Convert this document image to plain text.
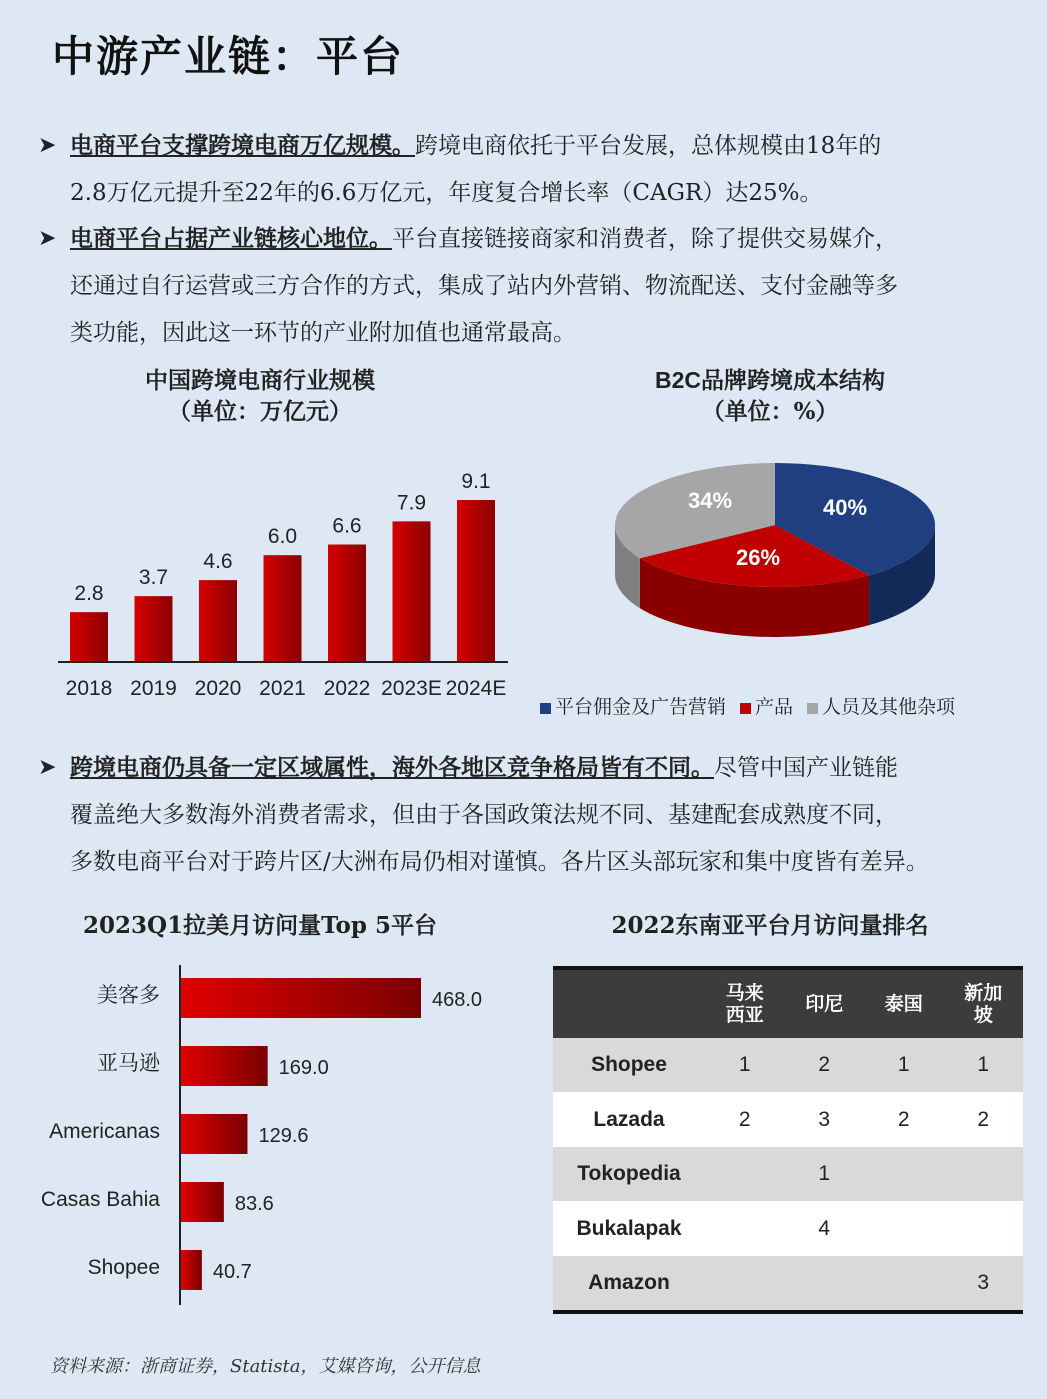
中游产业链：平台
➤ 电商平台支撑跨境电商万亿规模。跨境电商依托于平台发展，总体规模由18年的
2.8万亿元提升至22年的6.6万亿元，年度复合增长率（CAGR）达25%。
➤ 电商平台占据产业链核心地位。平台直接链接商家和消费者，除了提供交易媒介，
还通过自行运营或三方合作的方式，集成了站内外营销、物流配送、支付金融等多
类功能，因此这一环节的产业附加值也通常最高。
中国跨境电商行业规模
（单位：万亿元）
2.8
2018
3.7
2019
4.6
2020
6.0
2021
6.6
2022
7.9
2023E
9.1
2024E
B2C品牌跨境成本结构
（单位：%）
40%
26%
34%
平台佣金及广告营销	产品	人员及其他杂项
➤ 跨境电商仍具备一定区域属性，海外各地区竞争格局皆有不同。尽管中国产业链能
覆盖绝大多数海外消费者需求，但由于各国政策法规不同、基建配套成熟度不同，
多数电商平台对于跨片区/大洲布局仍相对谨慎。各片区头部玩家和集中度皆有差异。
2023Q1拉美月访问量Top 5平台
468.0
美客多
169.0
亚马逊
129.6
Americanas
83.6
Casas Bahia
40.7
Shopee
2022东南亚平台月访问量排名
	马来
西亚	印尼	泰国	新加
坡
Shopee	1	2	1	1
Lazada	2	3	2	2
Tokopedia		1		
Bukalapak		4		
Amazon				3
资料来源：浙商证券，Statista，艾媒咨询，公开信息
